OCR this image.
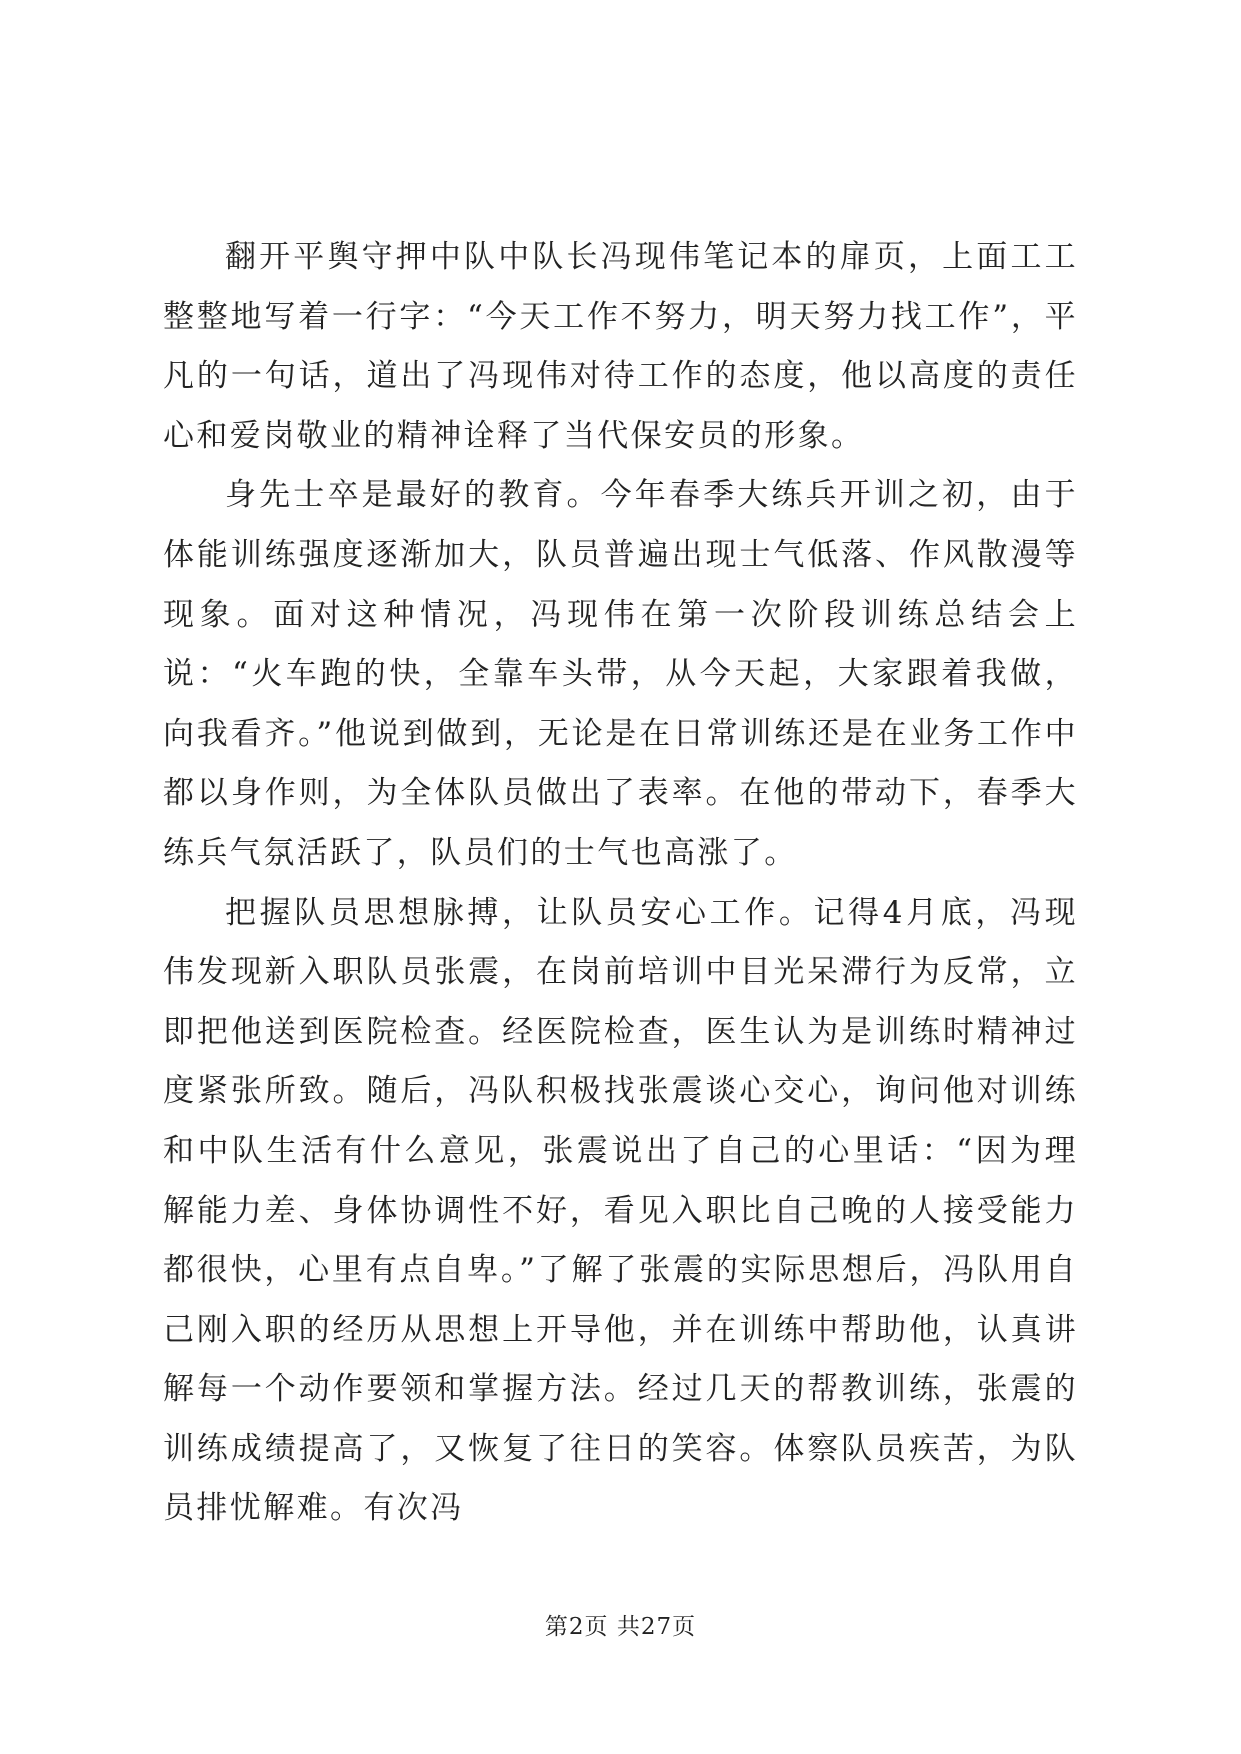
翻开平舆守押中队中队长冯现伟笔记本的扉页，上面工工整整地写着一行字：“今天工作不努力，明天努力找工作”，平凡的一句话，道出了冯现伟对待工作的态度，他以高度的责任心和爱岗敬业的精神诠释了当代保安员的形象。

身先士卒是最好的教育。今年春季大练兵开训之初，由于体能训练强度逐渐加大，队员普遍出现士气低落、作风散漫等现象。面对这种情况，冯现伟在第一次阶段训练总结会上说：“火车跑的快，全靠车头带，从今天起，大家跟着我做，向我看齐。”他说到做到，无论是在日常训练还是在业务工作中都以身作则，为全体队员做出了表率。在他的带动下，春季大练兵气氛活跃了，队员们的士气也高涨了。

把握队员思想脉搏，让队员安心工作。记得4月底，冯现伟发现新入职队员张震，在岗前培训中目光呆滞行为反常，立即把他送到医院检查。经医院检查，医生认为是训练时精神过度紧张所致。随后，冯队积极找张震谈心交心，询问他对训练和中队生活有什么意见，张震说出了自己的心里话：“因为理解能力差、身体协调性不好，看见入职比自己晚的人接受能力都很快，心里有点自卑。”了解了张震的实际思想后，冯队用自己刚入职的经历从思想上开导他，并在训练中帮助他，认真讲解每一个动作要领和掌握方法。经过几天的帮教训练，张震的训练成绩提高了，又恢复了往日的笑容。体察队员疾苦，为队员排忧解难。有次冯

第2页 共27页
